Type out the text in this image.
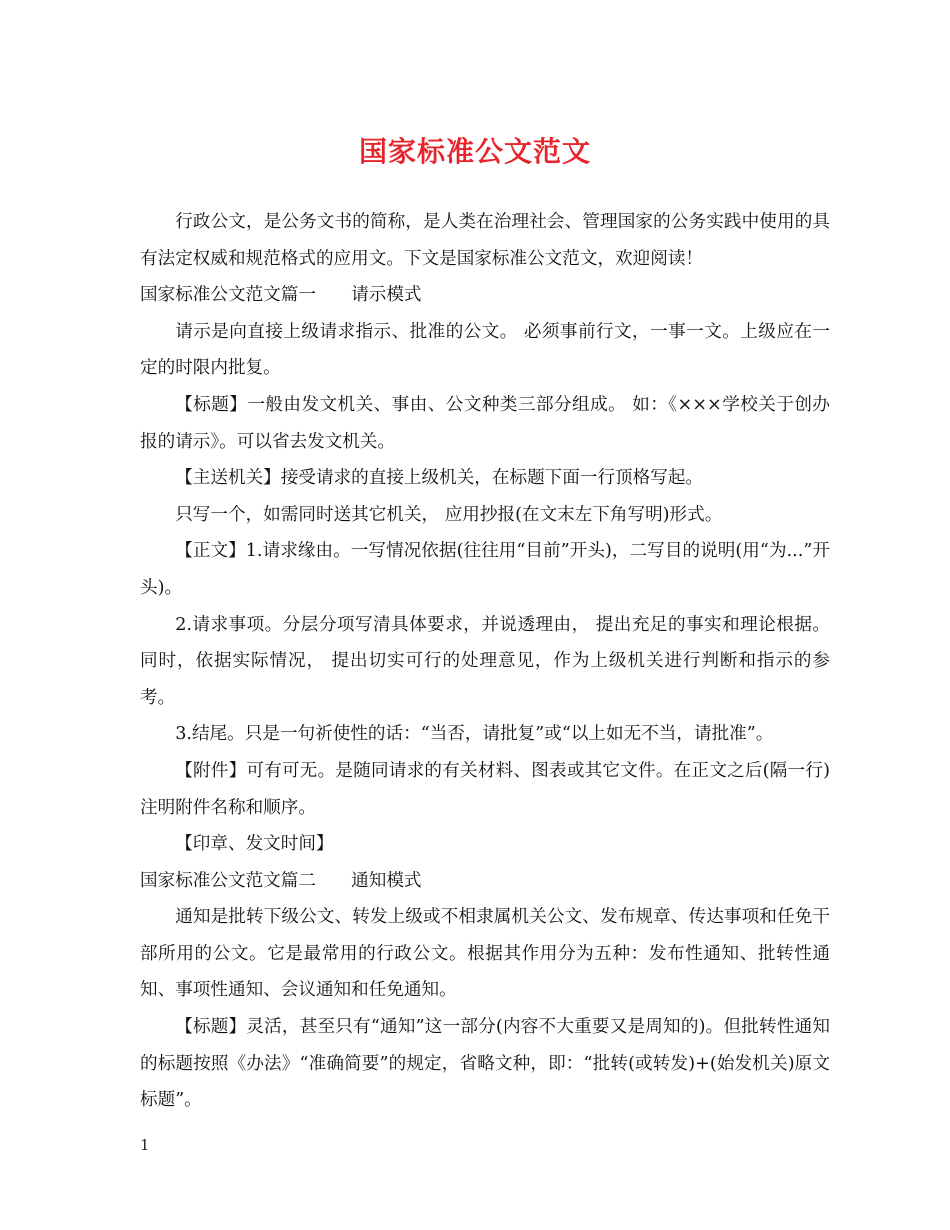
国家标准公文范文

行政公文，是公务文书的简称，是人类在治理社会、管理国家的公务实践中使用的具有法定权威和规范格式的应用文。下文是国家标准公文范文，欢迎阅读！

国家标准公文范文篇一　　请示模式

请示是向直接上级请求指示、批准的公文。 必须事前行文，一事一文。上级应在一定的时限内批复。

【标题】一般由发文机关、事由、公文种类三部分组成。 如：《×××学校关于创办报的请示》。可以省去发文机关。

【主送机关】接受请求的直接上级机关，在标题下面一行顶格写起。

只写一个，如需同时送其它机关， 应用抄报(在文末左下角写明)形式。

【正文】1.请求缘由。一写情况依据(往往用“目前”开头)，二写目的说明(用“为...”开头)。

2.请求事项。分层分项写清具体要求，并说透理由， 提出充足的事实和理论根据。同时，依据实际情况， 提出切实可行的处理意见，作为上级机关进行判断和指示的参考。

3.结尾。只是一句祈使性的话：“当否，请批复”或“以上如无不当，请批准”。

【附件】可有可无。是随同请求的有关材料、图表或其它文件。在正文之后(隔一行)注明附件名称和顺序。

【印章、发文时间】

国家标准公文范文篇二　　通知模式

通知是批转下级公文、转发上级或不相隶属机关公文、发布规章、传达事项和任免干部所用的公文。它是最常用的行政公文。根据其作用分为五种：发布性通知、批转性通知、事项性通知、会议通知和任免通知。

【标题】灵活，甚至只有“通知”这一部分(内容不大重要又是周知的)。但批转性通知的标题按照《办法》“准确简要”的规定，省略文种，即：“批转(或转发)+(始发机关)原文标题”。

1
